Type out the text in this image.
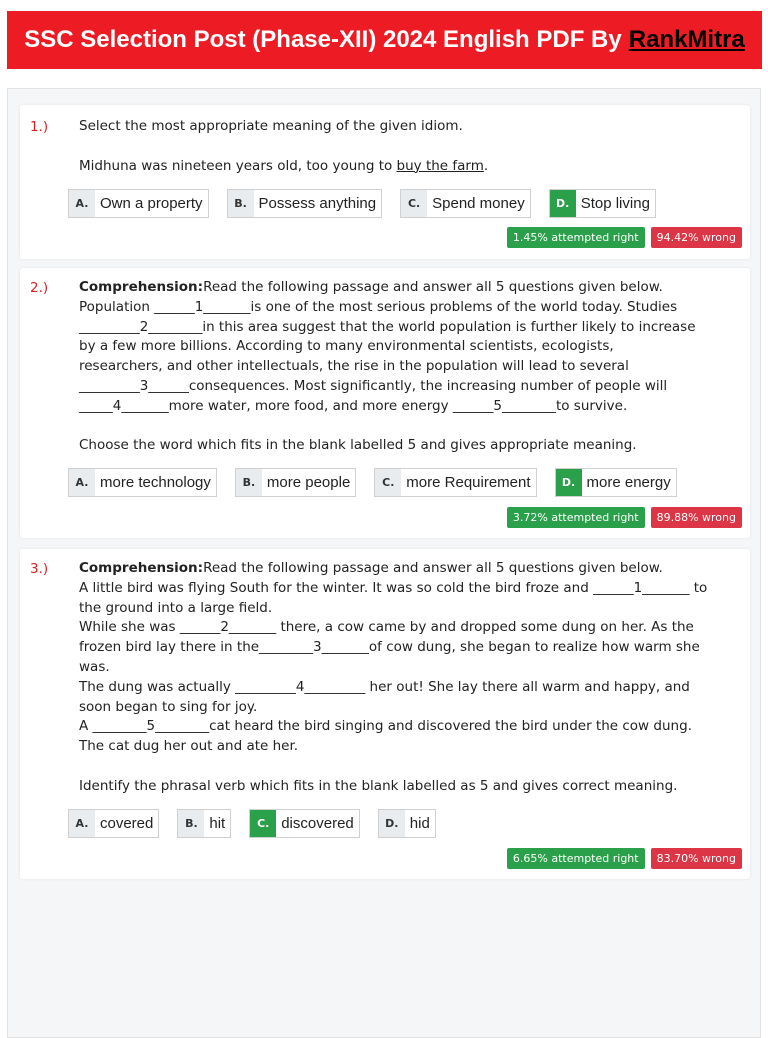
SSC Selection Post (Phase-XII) 2024 English PDF By RankMitra
1.) Select the most appropriate meaning of the given idiom.

Midhuna was nineteen years old, too young to buy the farm.

A. Own a property	B. Possess anything	C. Spend money	D. Stop living
1.45% attempted right	94.42% wrong
2.) Comprehension:Read the following passage and answer all 5 questions given below.

Population ______1_______is one of the most serious problems of the world today. Studies

_________2________in this area suggest that the world population is further likely to increase

by a few more billions. According to many environmental scientists, ecologists,

researchers, and other intellectuals, the rise in the population will lead to several

_________3______consequences. Most significantly, the increasing number of people will

_____4_______more water, more food, and more energy ______5________to survive.

Choose the word which fits in the blank labelled 5 and gives appropriate meaning.

A. more technology	B. more people	C. more Requirement	D. more energy
3.72% attempted right	89.88% wrong
3.) Comprehension:Read the following passage and answer all 5 questions given below.

A little bird was flying South for the winter. It was so cold the bird froze and ______1_______ to

the ground into a large field.

While she was ______2_______ there, a cow came by and dropped some dung on her. As the

frozen bird lay there in the________3_______of cow dung, she began to realize how warm she

was.

The dung was actually _________4_________ her out! She lay there all warm and happy, and

soon began to sing for joy.

A ________5________cat heard the bird singing and discovered the bird under the cow dung.

The cat dug her out and ate her.

Identify the phrasal verb which fits in the blank labelled as 5 and gives correct meaning.

A. covered	B. hit	C. discovered	D. hid
6.65% attempted right	83.70% wrong
